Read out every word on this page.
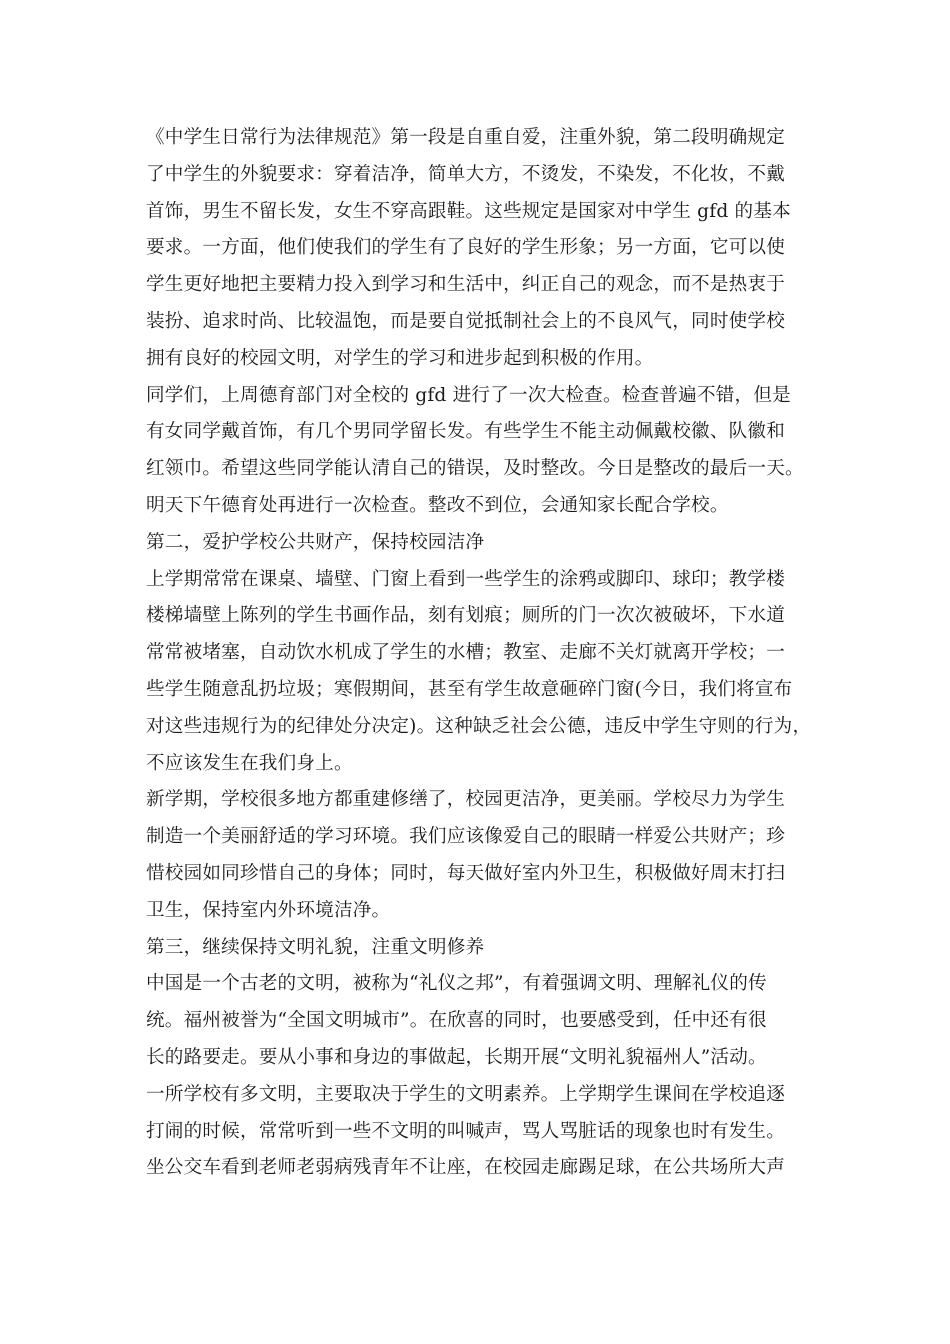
《中学生日常行为法律规范》第一段是自重自爱，注重外貌，第二段明确规定
了中学生的外貌要求：穿着洁净，简单大方，不烫发，不染发，不化妆，不戴
首饰，男生不留长发，女生不穿高跟鞋。这些规定是国家对中学生 gfd 的基本
要求。一方面，他们使我们的学生有了良好的学生形象；另一方面，它可以使
学生更好地把主要精力投入到学习和生活中，纠正自己的观念，而不是热衷于
装扮、追求时尚、比较温饱，而是要自觉抵制社会上的不良风气，同时使学校
拥有良好的校园文明，对学生的学习和进步起到积极的作用。
同学们，上周德育部门对全校的 gfd 进行了一次大检查。检查普遍不错，但是
有女同学戴首饰，有几个男同学留长发。有些学生不能主动佩戴校徽、队徽和
红领巾。希望这些同学能认清自己的错误，及时整改。今日是整改的最后一天。
明天下午德育处再进行一次检查。整改不到位，会通知家长配合学校。
第二，爱护学校公共财产，保持校园洁净
上学期常常在课桌、墙壁、门窗上看到一些学生的涂鸦或脚印、球印；教学楼
楼梯墙壁上陈列的学生书画作品，刻有划痕；厕所的门一次次被破坏，下水道
常常被堵塞，自动饮水机成了学生的水槽；教室、走廊不关灯就离开学校；一
些学生随意乱扔垃圾；寒假期间，甚至有学生故意砸碎门窗(今日，我们将宣布
对这些违规行为的纪律处分决定)。这种缺乏社会公德，违反中学生守则的行为，
不应该发生在我们身上。
新学期，学校很多地方都重建修缮了，校园更洁净，更美丽。学校尽力为学生
制造一个美丽舒适的学习环境。我们应该像爱自己的眼睛一样爱公共财产；珍
惜校园如同珍惜自己的身体；同时，每天做好室内外卫生，积极做好周末打扫
卫生，保持室内外环境洁净。
第三，继续保持文明礼貌，注重文明修养
中国是一个古老的文明，被称为“礼仪之邦”，有着强调文明、理解礼仪的传
统。福州被誉为“全国文明城市”。在欣喜的同时，也要感受到，任中还有很
长的路要走。要从小事和身边的事做起，长期开展“文明礼貌福州人”活动。
一所学校有多文明，主要取决于学生的文明素养。上学期学生课间在学校追逐
打闹的时候，常常听到一些不文明的叫喊声，骂人骂脏话的现象也时有发生。
坐公交车看到老师老弱病残青年不让座，在校园走廊踢足球，在公共场所大声
